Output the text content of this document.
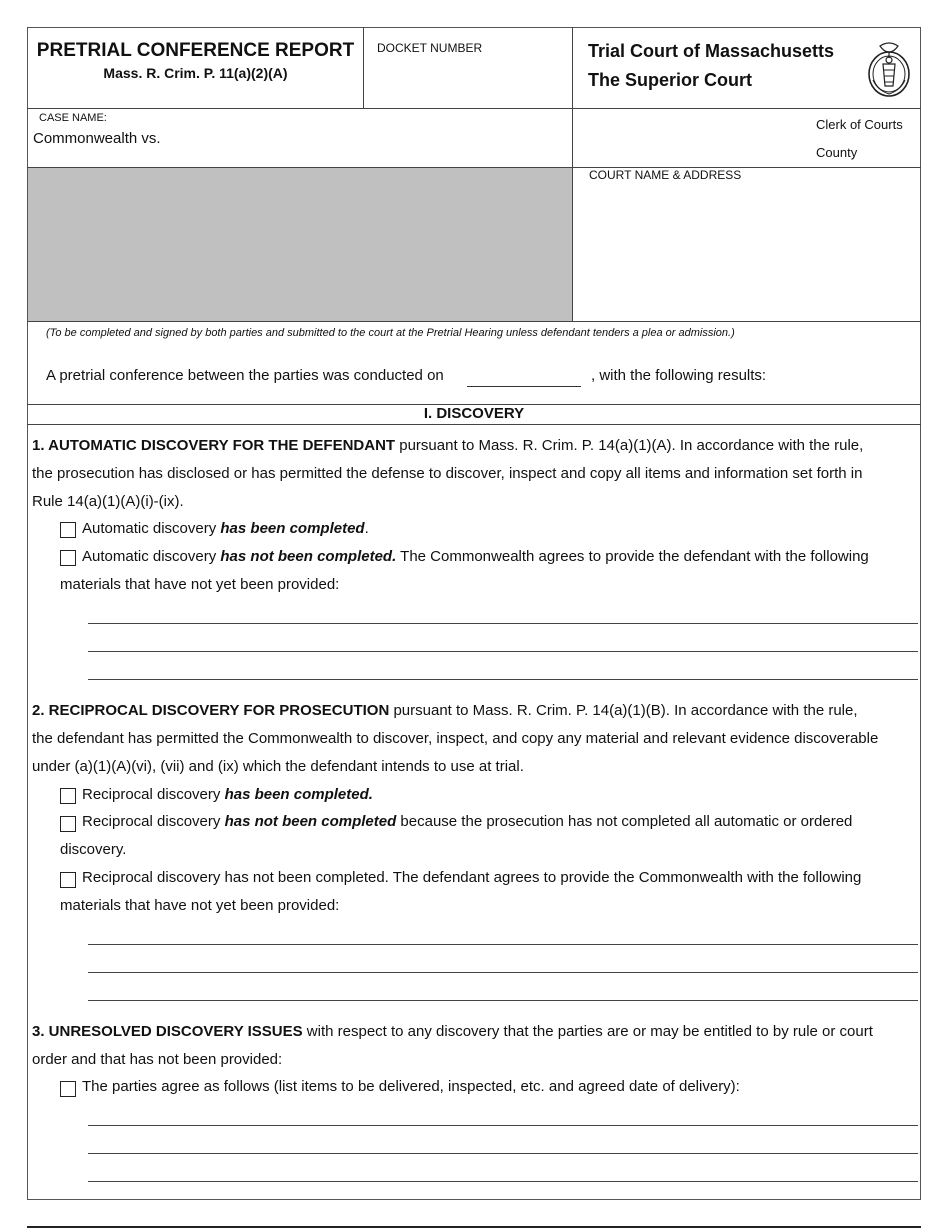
PRETRIAL CONFERENCE REPORT
Mass. R. Crim. P. 11(a)(2)(A)
DOCKET NUMBER	Trial Court of Massachusetts
The Superior Court
CASE NAME:
Commonwealth vs.
Clerk of Courts
County
COURT NAME & ADDRESS
(To be completed and signed by both parties and submitted to the court at the Pretrial Hearing unless defendant tenders a plea or admission.)
A pretrial conference between the parties was conducted on	, with the following results:
I. DISCOVERY
1. AUTOMATIC DISCOVERY FOR THE DEFENDANT pursuant to Mass. R. Crim. P. 14(a)(1)(A). In accordance with the rule,
the prosecution has disclosed or has permitted the defense to discover, inspect and copy all items and information set forth in
Rule 14(a)(1)(A)(i)-(ix).
Automatic discovery has been completed.
Automatic discovery has not been completed. The Commonwealth agrees to provide the defendant with the following
materials that have not yet been provided:
2. RECIPROCAL DISCOVERY FOR PROSECUTION pursuant to Mass. R. Crim. P. 14(a)(1)(B). In accordance with the rule,
the defendant has permitted the Commonwealth to discover, inspect, and copy any material and relevant evidence discoverable
under (a)(1)(A)(vi), (vii) and (ix) which the defendant intends to use at trial.
Reciprocal discovery has been completed.
Reciprocal discovery has not been completed because the prosecution has not completed all automatic or ordered
discovery.
Reciprocal discovery has not been completed. The defendant agrees to provide the Commonwealth with the following
materials that have not yet been provided:
3. UNRESOLVED DISCOVERY ISSUES with respect to any discovery that the parties are or may be entitled to by rule or court
order and that has not been provided:
The parties agree as follows (list items to be delivered, inspected, etc. and agreed date of delivery):
